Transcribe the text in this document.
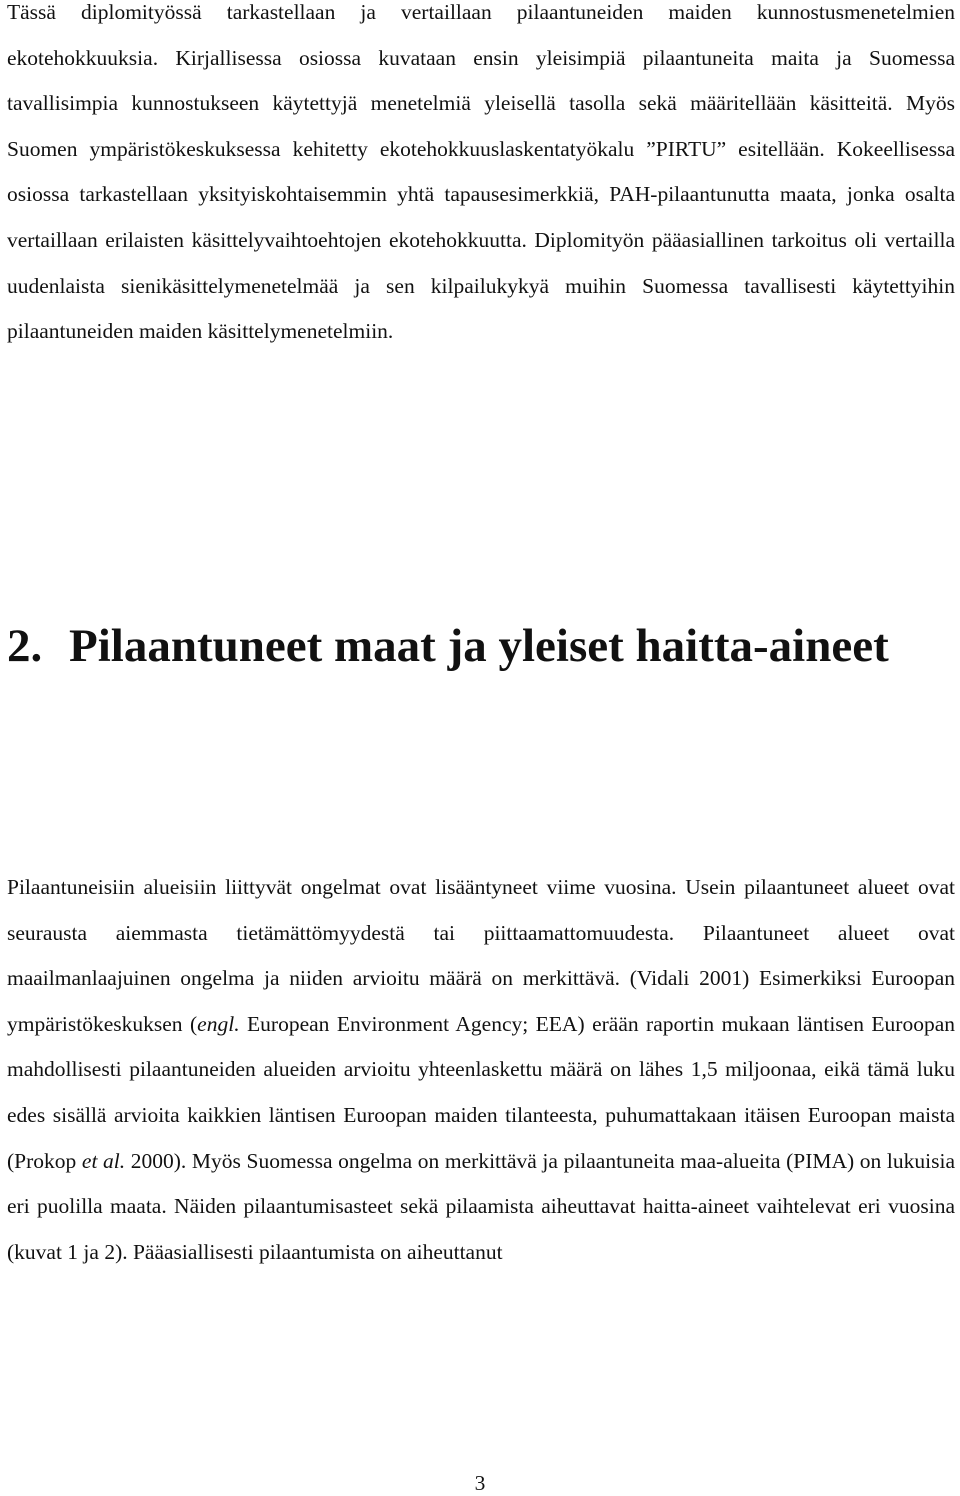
Tässä diplomityössä tarkastellaan ja vertaillaan pilaantuneiden maiden kunnostusmenetelmien ekotehokkuuksia. Kirjallisessa osiossa kuvataan ensin yleisimpiä pilaantuneita maita ja Suomessa tavallisimpia kunnostukseen käytettyjä menetelmiä yleisellä tasolla sekä määritellään käsitteitä. Myös Suomen ympäristökeskuksessa kehitetty ekotehokkuuslaskentatyökalu ”PIRTU” esitellään. Kokeellisessa osiossa tarkastellaan yksityiskohtaisemmin yhtä tapausesimerkkiä, PAH-pilaantunutta maata, jonka osalta vertaillaan erilaisten käsittelyvaihtoehtojen ekotehokkuutta. Diplomityön pääasiallinen tarkoitus oli vertailla uudenlaista sienikäsittelymenetelmää ja sen kilpailukykyä muihin Suomessa tavallisesti käytettyihin pilaantuneiden maiden käsittelymenetelmiin.

2. Pilaantuneet maat ja yleiset haitta-aineet

Pilaantuneisiin alueisiin liittyvät ongelmat ovat lisääntyneet viime vuosina. Usein pilaantuneet alueet ovat seurausta aiemmasta tietämättömyydestä tai piittaamattomuudesta. Pilaantuneet alueet ovat maailmanlaajuinen ongelma ja niiden arvioitu määrä on merkittävä. (Vidali 2001) Esimerkiksi Euroopan ympäristökeskuksen (engl. European Environment Agency; EEA) erään raportin mukaan läntisen Euroopan mahdollisesti pilaantuneiden alueiden arvioitu yhteenlaskettu määrä on lähes 1,5 miljoonaa, eikä tämä luku edes sisällä arvioita kaikkien läntisen Euroopan maiden tilanteesta, puhumattakaan itäisen Euroopan maista (Prokop et al. 2000). Myös Suomessa ongelma on merkittävä ja pilaantuneita maa-alueita (PIMA) on lukuisia eri puolilla maata. Näiden pilaantumisasteet sekä pilaamista aiheuttavat haitta-aineet vaihtelevat eri vuosina (kuvat 1 ja 2). Pääasiallisesti pilaantumista on aiheuttanut

3
